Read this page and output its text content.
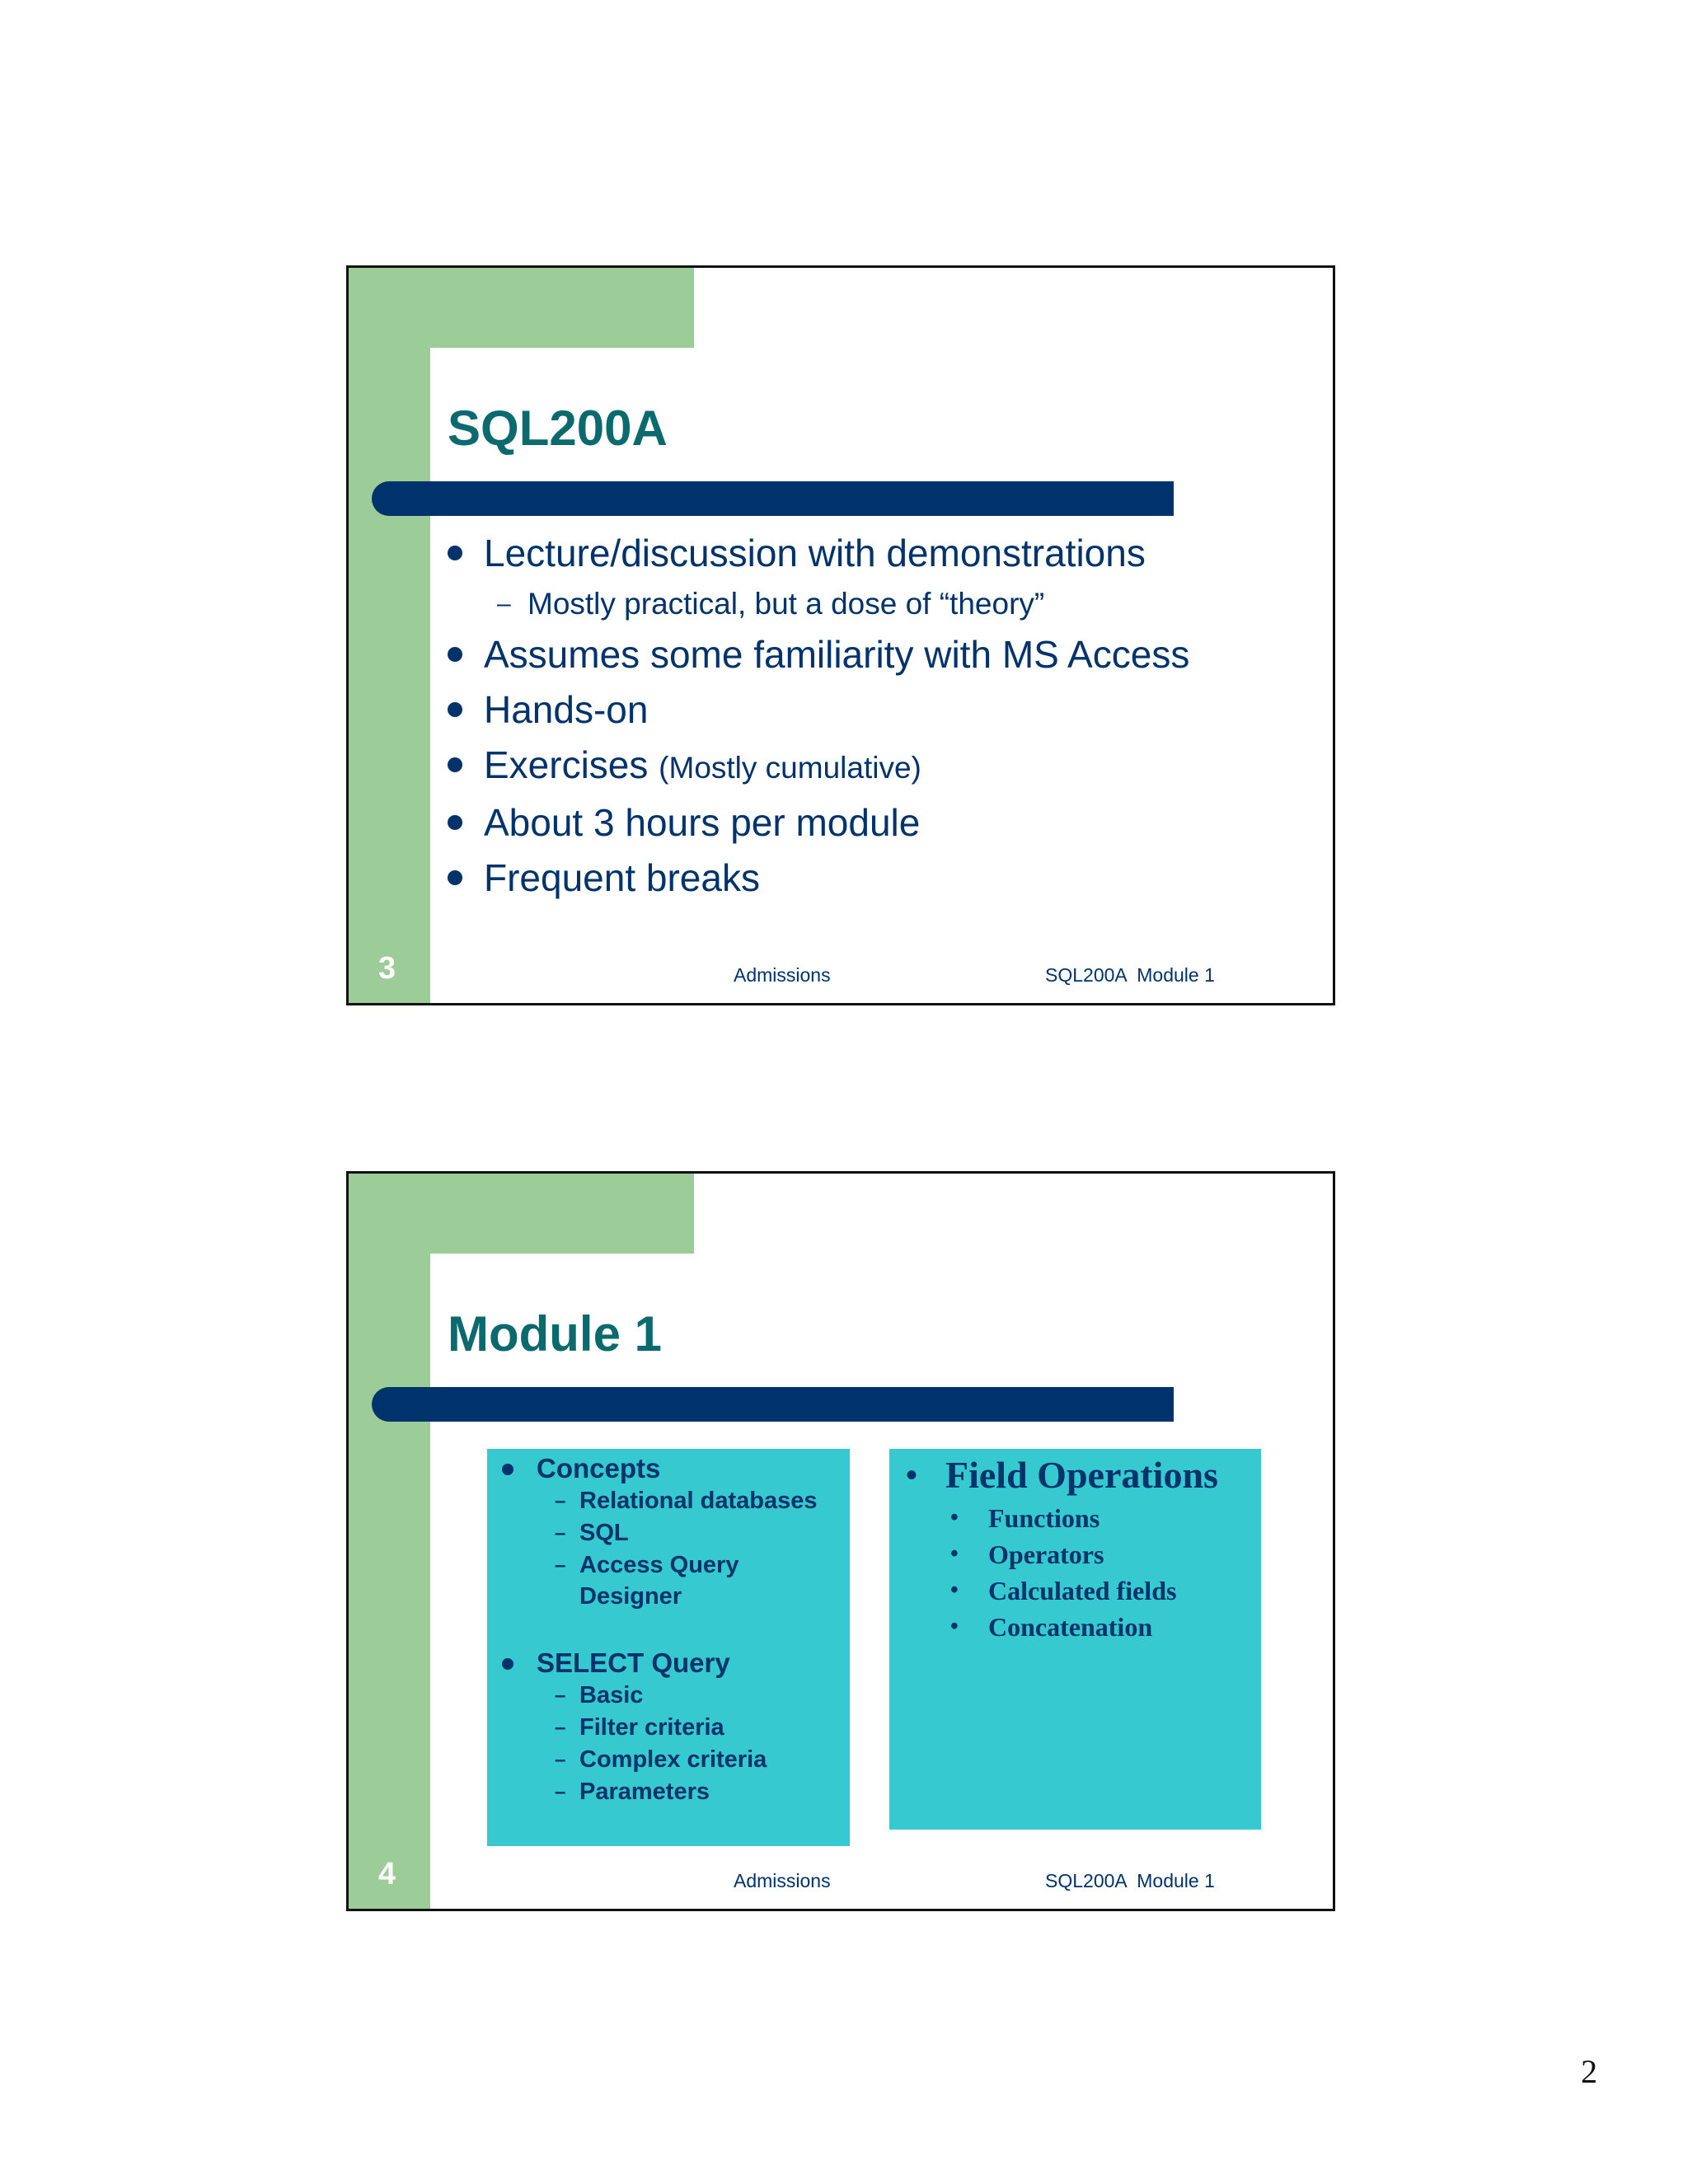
SQL200A
Lecture/discussion with demonstrations
– Mostly practical, but a dose of “theory”
Assumes some familiarity with MS Access
Hands-on
Exercises (Mostly cumulative)
About 3 hours per module
Frequent breaks
3	Admissions	SQL200A  Module 1
Module 1
Concepts
– Relational databases
– SQL
– Access Query
Designer
SELECT Query
– Basic
– Filter criteria
– Complex criteria
– Parameters
• Field Operations
• Functions
• Operators
• Calculated fields
• Concatenation
4	Admissions	SQL200A  Module 1
2
